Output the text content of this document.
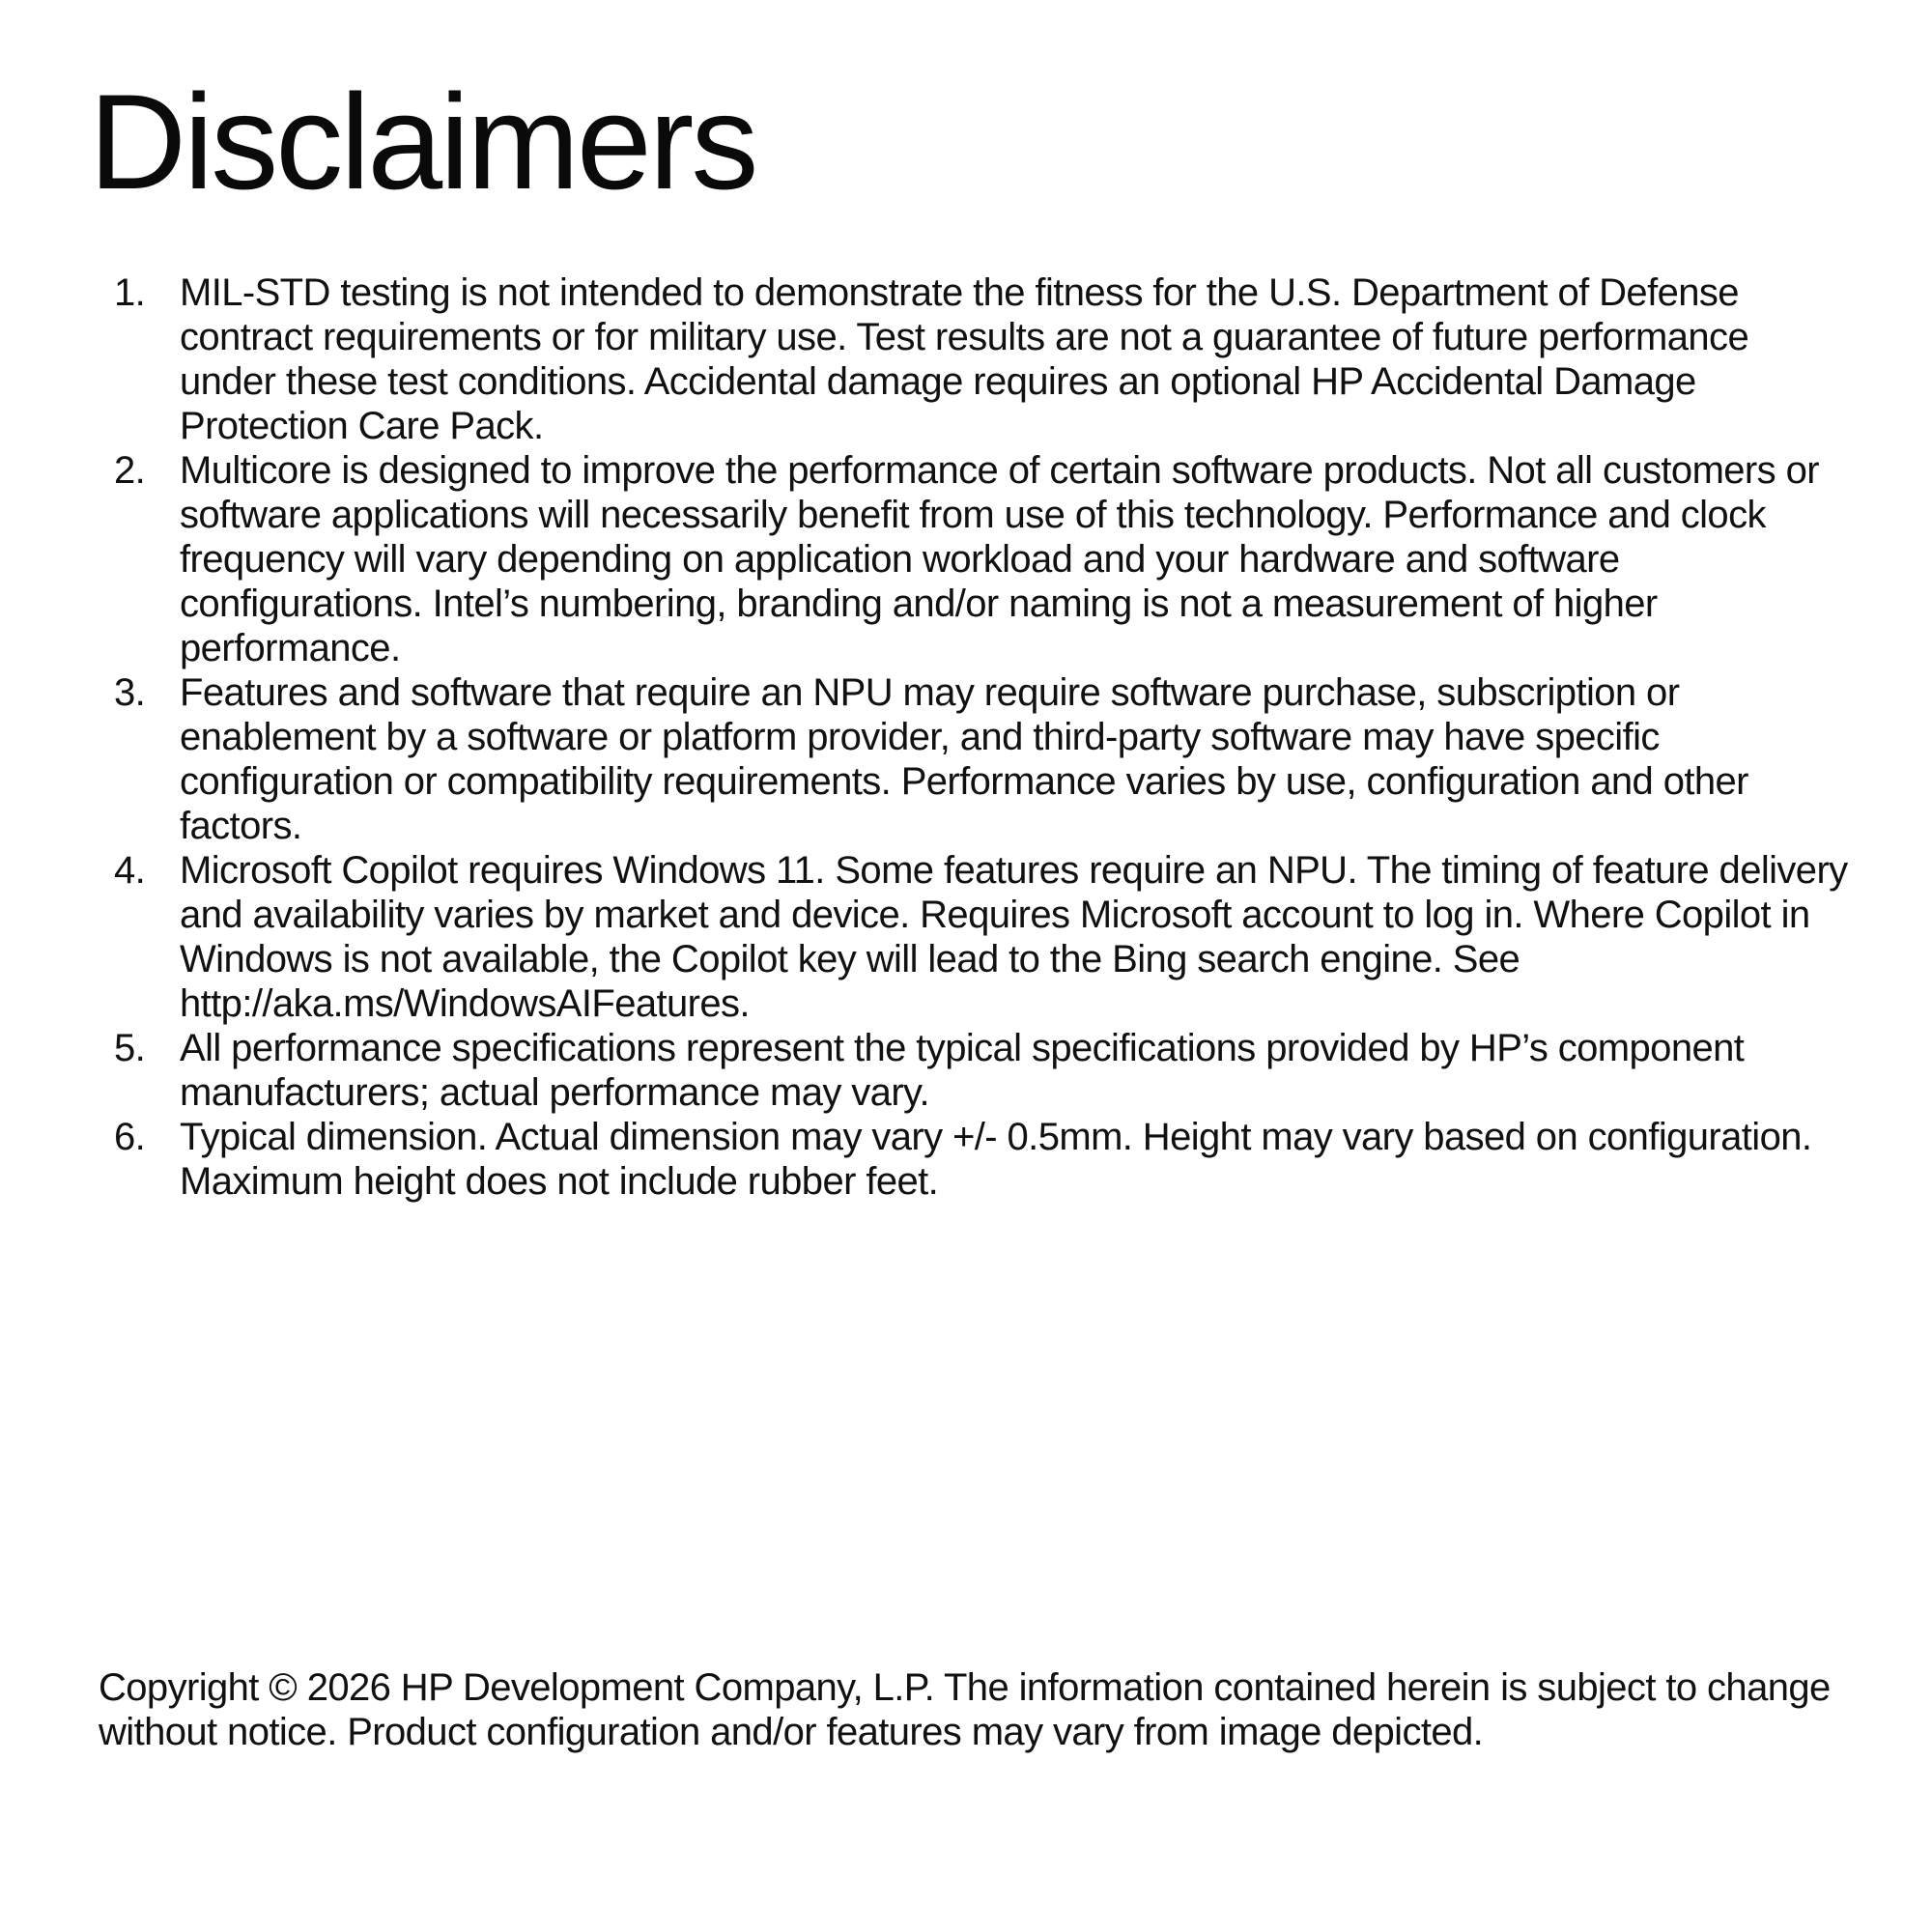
Disclaimers
1. MIL-STD testing is not intended to demonstrate the fitness for the U.S. Department of Defense contract requirements or for military use. Test results are not a guarantee of future performance under these test conditions. Accidental damage requires an optional HP Accidental Damage Protection Care Pack.
2. Multicore is designed to improve the performance of certain software products. Not all customers or software applications will necessarily benefit from use of this technology. Performance and clock frequency will vary depending on application workload and your hardware and software configurations. Intel’s numbering, branding and/or naming is not a measurement of higher performance.
3. Features and software that require an NPU may require software purchase, subscription or enablement by a software or platform provider, and third-party software may have specific configuration or compatibility requirements. Performance varies by use, configuration and other factors.
4. Microsoft Copilot requires Windows 11. Some features require an NPU. The timing of feature delivery and availability varies by market and device. Requires Microsoft account to log in. Where Copilot in Windows is not available, the Copilot key will lead to the Bing search engine. See http://aka.ms/WindowsAIFeatures.
5. All performance specifications represent the typical specifications provided by HP’s component manufacturers; actual performance may vary.
6. Typical dimension. Actual dimension may vary +/- 0.5mm. Height may vary based on configuration. Maximum height does not include rubber feet.

Copyright © 2026 HP Development Company, L.P. The information contained herein is subject to change without notice. Product configuration and/or features may vary from image depicted.
